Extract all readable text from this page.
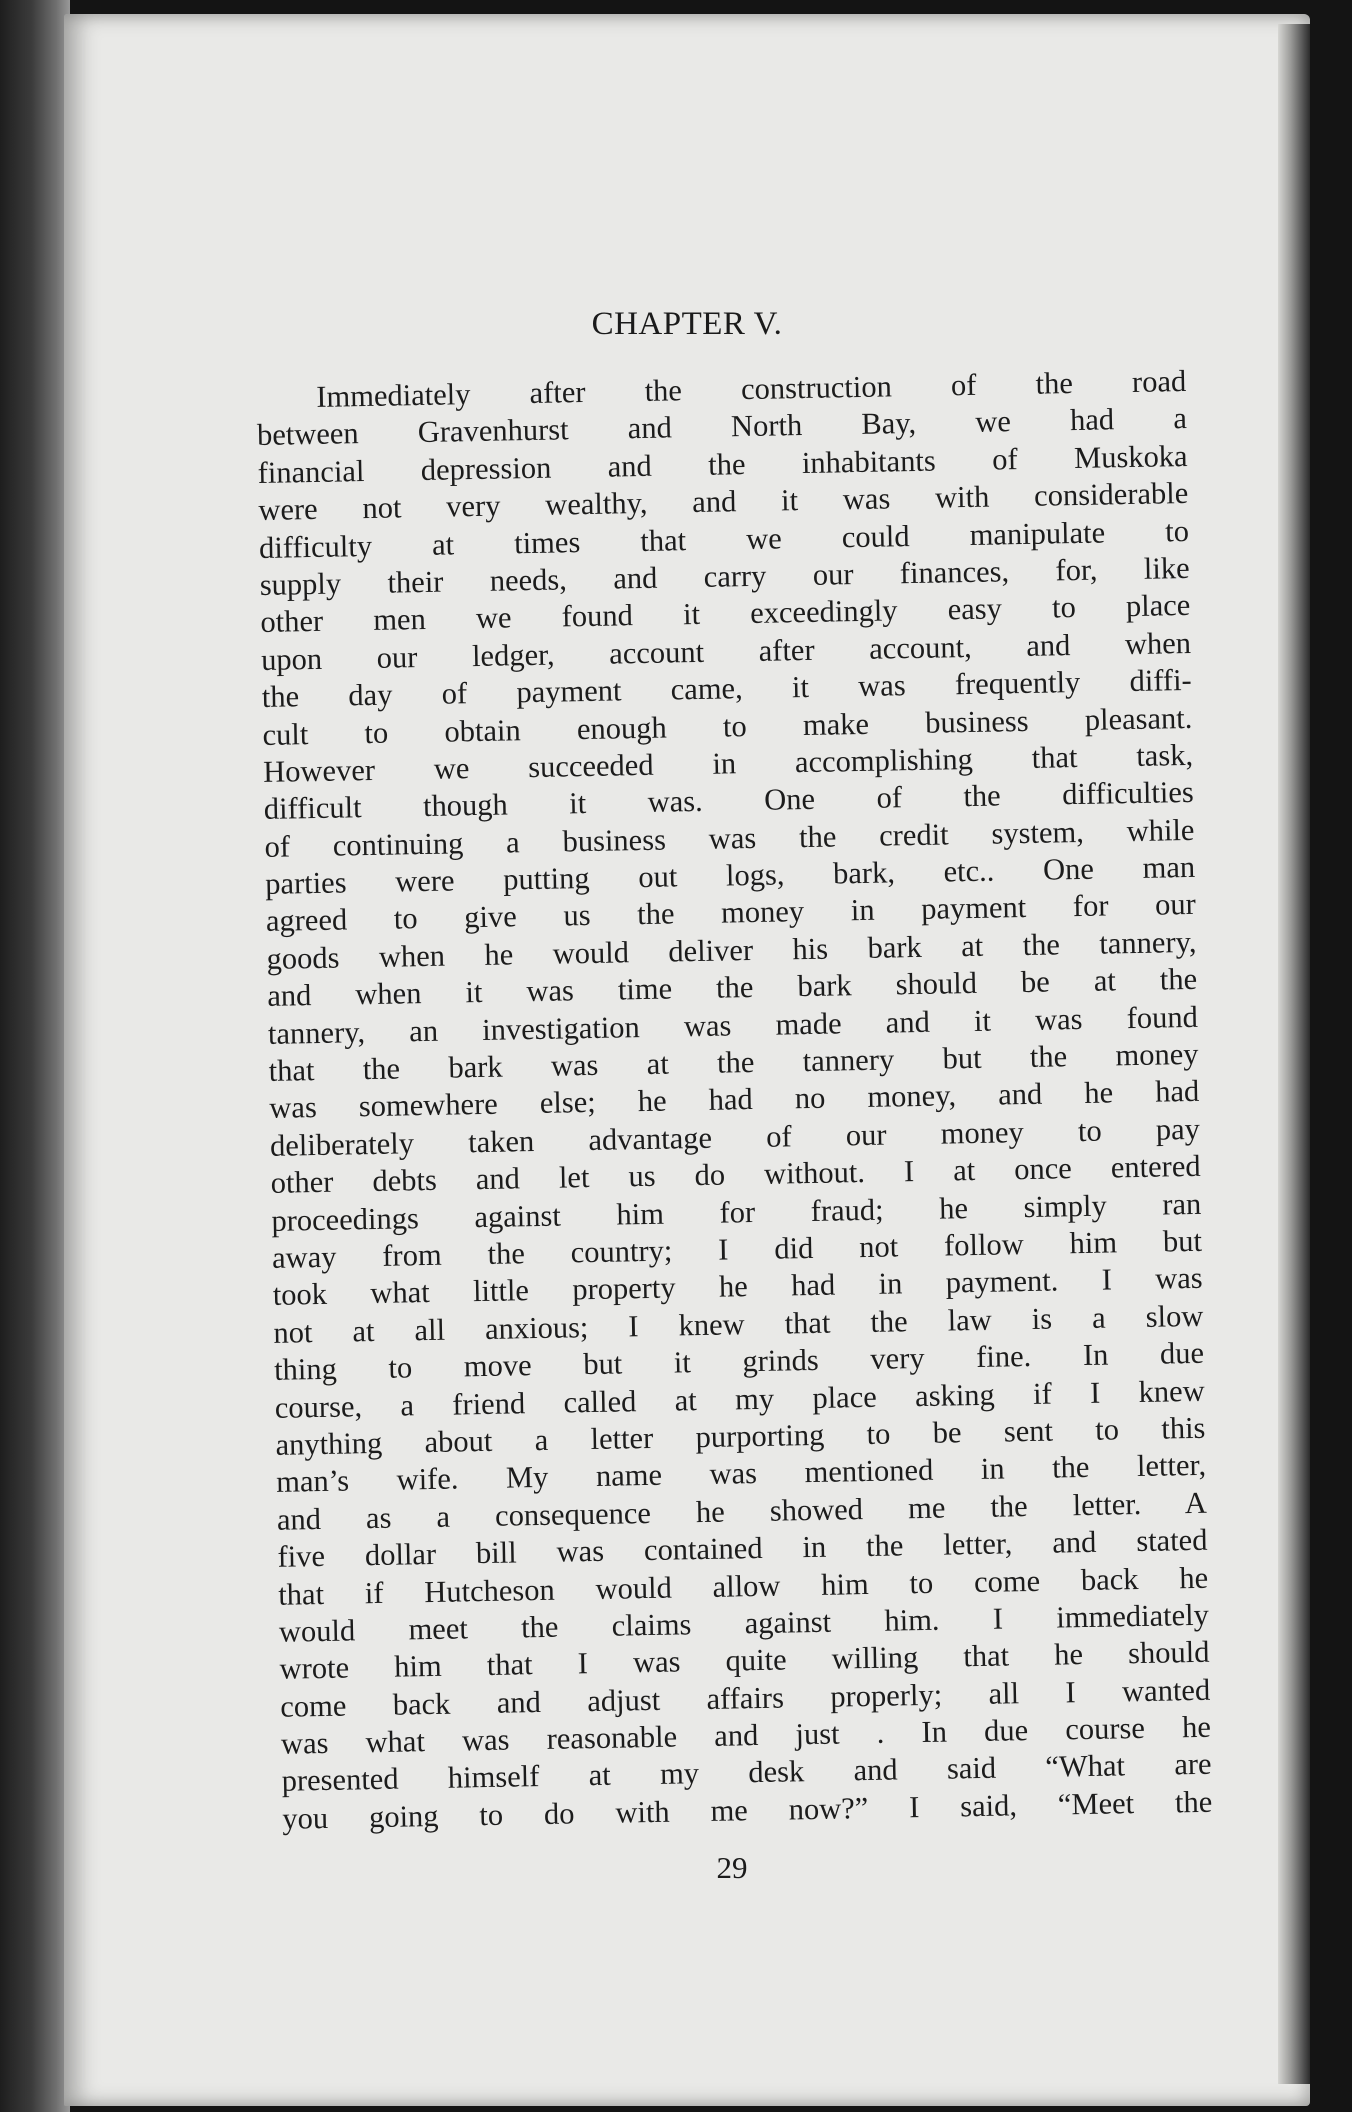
CHAPTER V.
Immediately after the construction of the road
between Gravenhurst and North Bay, we had a
financial depression and the inhabitants of Muskoka
were not very wealthy, and it was with considerable
difficulty at times that we could manipulate to
supply their needs, and carry our finances, for, like
other men we found it exceedingly easy to place
upon our ledger, account after account, and when
the day of payment came, it was frequently diffi-
cult to obtain enough to make business pleasant.
However we succeeded in accomplishing that task,
difficult though it was. One of the difficulties
of continuing a business was the credit system, while
parties were putting out logs, bark, etc.. One man
agreed to give us the money in payment for our
goods when he would deliver his bark at the tannery,
and when it was time the bark should be at the
tannery, an investigation was made and it was found
that the bark was at the tannery but the money
was somewhere else; he had no money, and he had
deliberately taken advantage of our money to pay
other debts and let us do without. I at once entered
proceedings against him for fraud; he simply ran
away from the country; I did not follow him but
took what little property he had in payment. I was
not at all anxious; I knew that the law is a slow
thing to move but it grinds very fine. In due
course, a friend called at my place asking if I knew
anything about a letter purporting to be sent to this
man’s wife. My name was mentioned in the letter,
and as a consequence he showed me the letter. A
five dollar bill was contained in the letter, and stated
that if Hutcheson would allow him to come back he
would meet the claims against him. I immediately
wrote him that I was quite willing that he should
come back and adjust affairs properly; all I wanted
was what was reasonable and just . In due course he
presented himself at my desk and said “What are
you going to do with me now?” I said, “Meet the
29
